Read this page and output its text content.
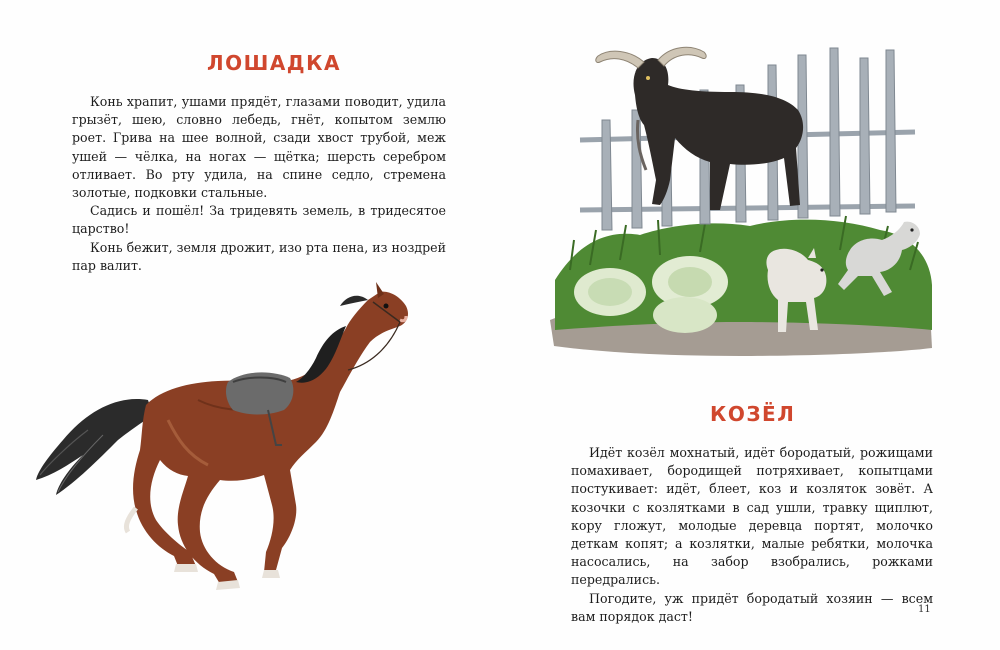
ЛОШАДКА

Конь храпит, ушами прядёт, глазами поводит, удила грызёт, шею, словно лебедь, гнёт, копытом землю роет. Грива на шее волной, сзади хвост трубой, меж ушей — чёлка, на ногах — щётка; шерсть серебром отливает. Во рту удила, на спине седло, стремена золотые, подковки стальные.

Садись и пошёл! За тридевять земель, в тридесятое царство!

Конь бежит, земля дрожит, изо рта пена, из ноздрей пар валит.

КОЗЁЛ

Идёт козёл мохнатый, идёт бородатый, рожищами помахивает, бородищей потряхивает, копытцами постукивает: идёт, блеет, коз и козляток зовёт. А козочки с козлятками в сад ушли, травку щиплют, кору гложут, молодые деревца портят, молочко деткам копят; а козлятки, малые ребятки, молочка насосались, на забор взобрались, рожками передрались.

Погодите, уж придёт бородатый хозяин — всем вам порядок даст!	11
